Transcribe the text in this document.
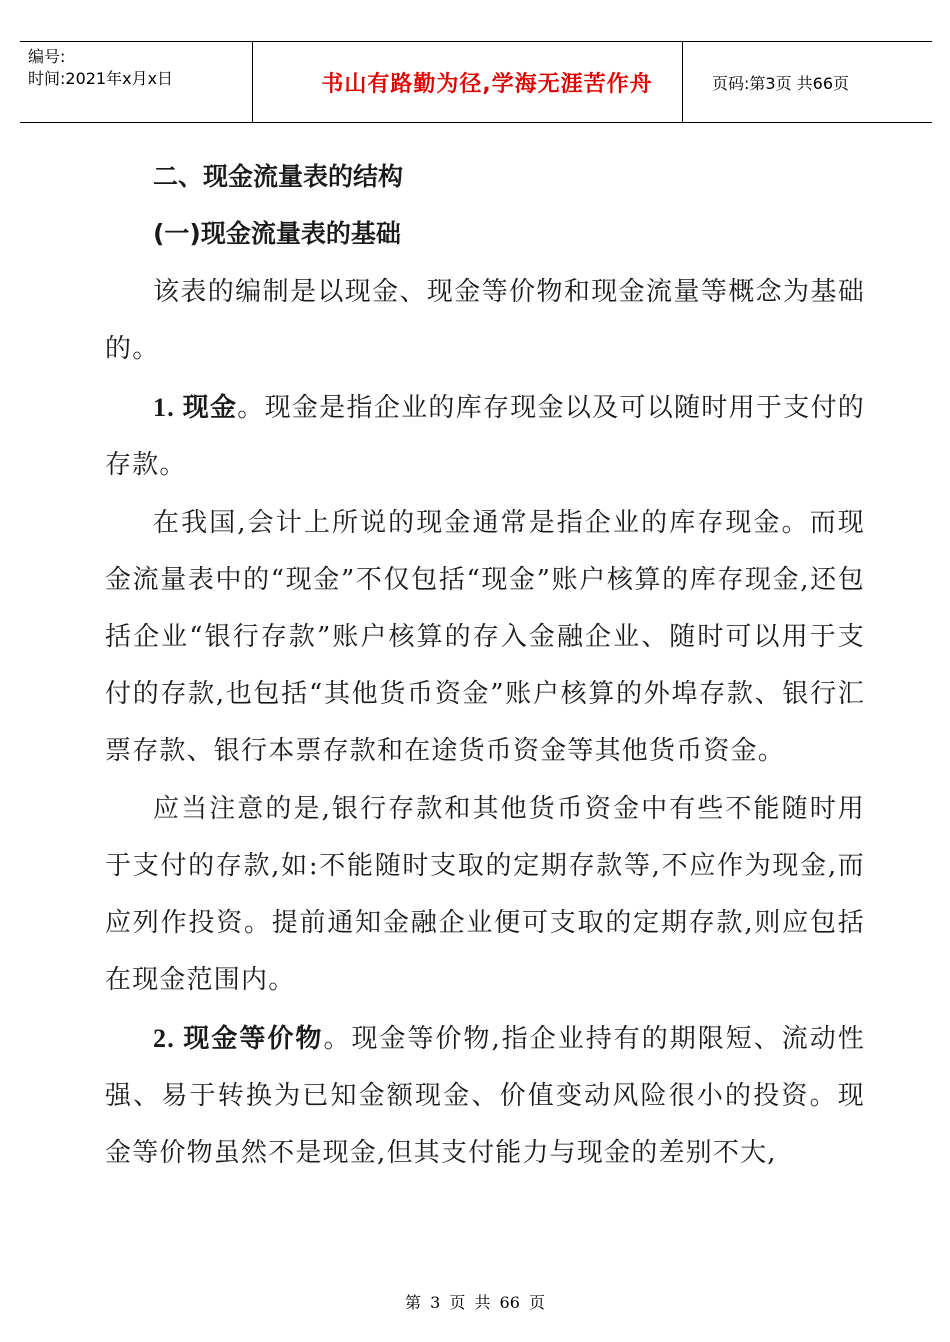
编号:
时间:2021年x月x日	书山有路勤为径,学海无涯苦作舟	页码:第3页 共66页
二、现金流量表的结构
(一)现金流量表的基础
该表的编制是以现金、现金等价物和现金流量等概念为基础的。
1. 现金。现金是指企业的库存现金以及可以随时用于支付的存款。
在我国,会计上所说的现金通常是指企业的库存现金。而现金流量表中的“现金”不仅包括“现金”账户核算的库存现金,还包括企业“银行存款”账户核算的存入金融企业、随时可以用于支付的存款,也包括“其他货币资金”账户核算的外埠存款、银行汇票存款、银行本票存款和在途货币资金等其他货币资金。
应当注意的是,银行存款和其他货币资金中有些不能随时用于支付的存款,如:不能随时支取的定期存款等,不应作为现金,而应列作投资。提前通知金融企业便可支取的定期存款,则应包括在现金范围内。
2. 现金等价物。现金等价物,指企业持有的期限短、流动性强、易于转换为已知金额现金、价值变动风险很小的投资。现金等价物虽然不是现金,但其支付能力与现金的差别不大,
第 3 页 共 66 页
